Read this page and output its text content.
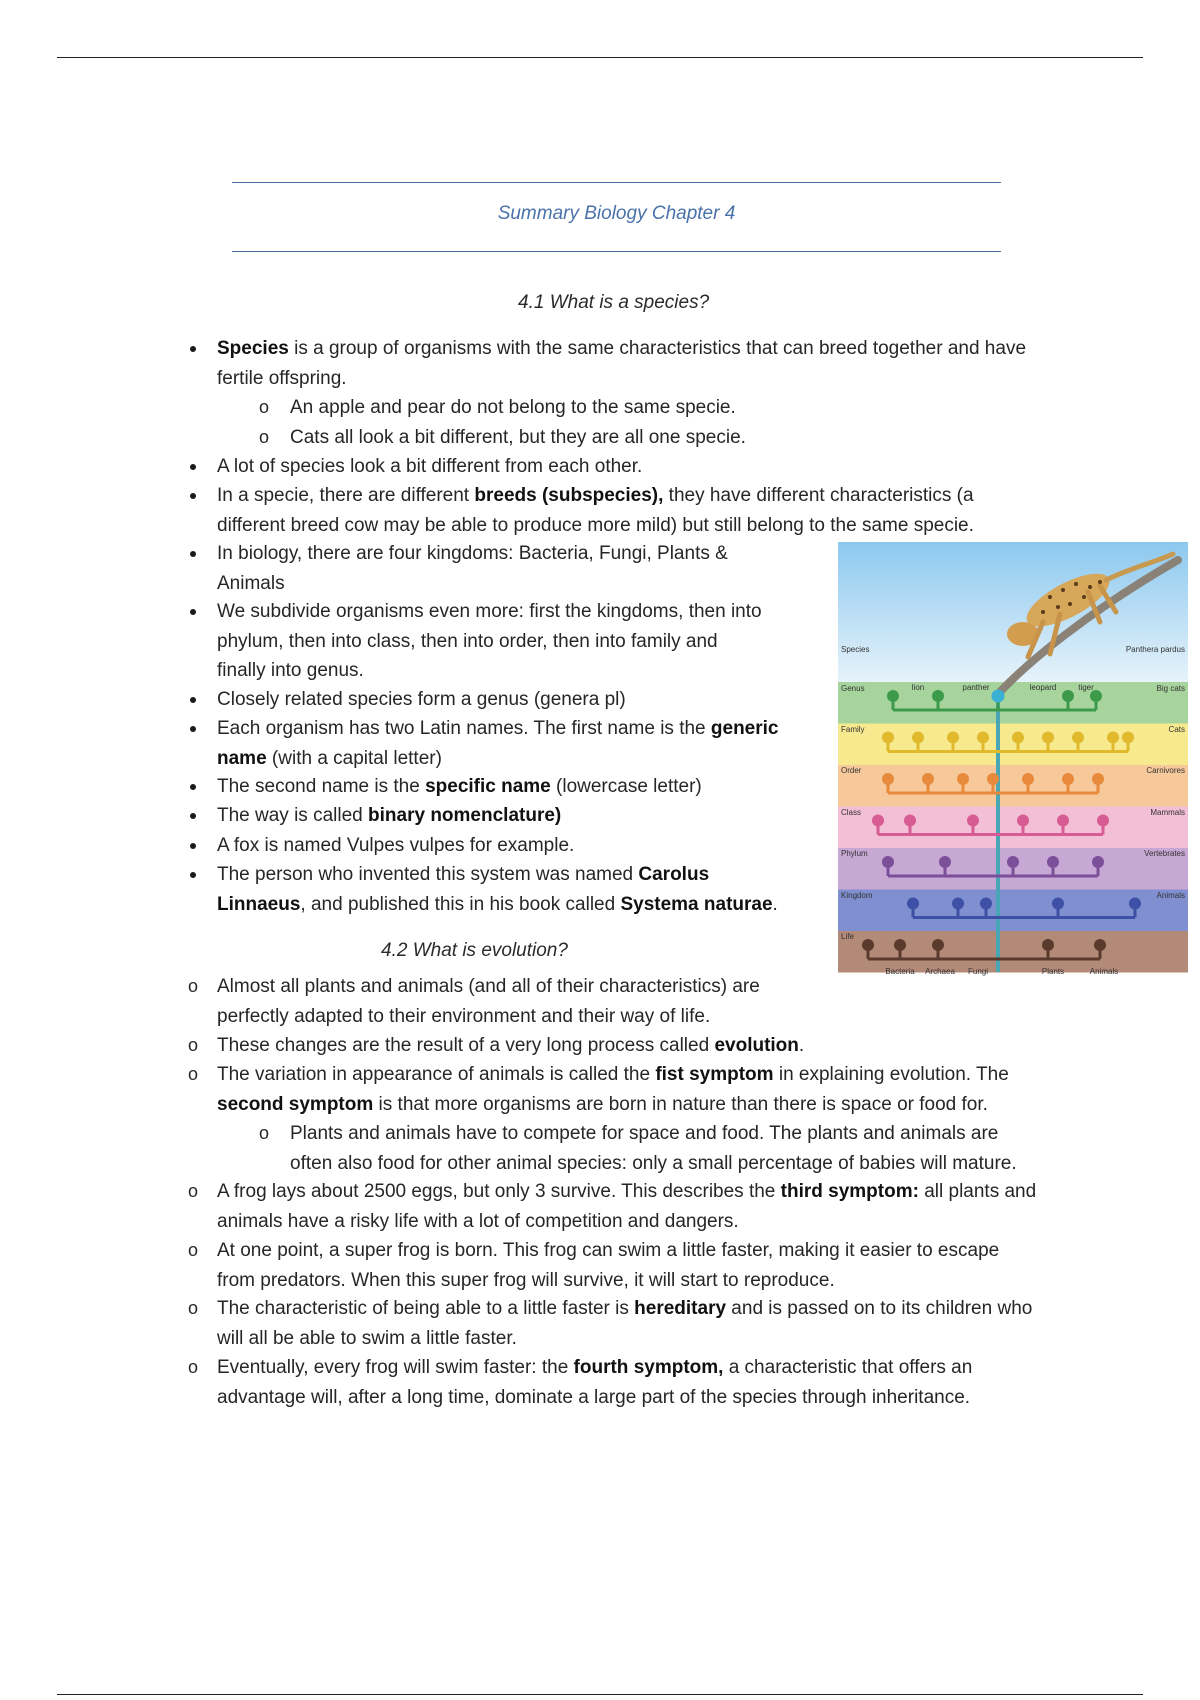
Summary Biology Chapter 4
4.1 What is a species?
Species is a group of organisms with the same characteristics that can breed together and have
fertile offspring.
o An apple and pear do not belong to the same specie.
o Cats all look a bit different, but they are all one specie.
A lot of species look a bit different from each other.
In a specie, there are different breeds (subspecies), they have different characteristics (a
different breed cow may be able to produce more mild) but still belong to the same specie.
In biology, there are four kingdoms: Bacteria, Fungi, Plants &
Animals
We subdivide organisms even more: first the kingdoms, then into
phylum, then into class, then into order, then into family and
finally into genus.
Closely related species form a genus (genera pl)
Each organism has two Latin names. The first name is the generic
name (with a capital letter)
The second name is the specific name (lowercase letter)
The way is called binary nomenclature)
A fox is named Vulpes vulpes for example.
The person who invented this system was named Carolus
Linnaeus, and published this in his book called Systema naturae.
4.2 What is evolution?
o Almost all plants and animals (and all of their characteristics) are
perfectly adapted to their environment and their way of life.
o These changes are the result of a very long process called evolution.
o The variation in appearance of animals is called the fist symptom in explaining evolution. The
second symptom is that more organisms are born in nature than there is space or food for.
o Plants and animals have to compete for space and food. The plants and animals are
often also food for other animal species: only a small percentage of babies will mature.
o A frog lays about 2500 eggs, but only 3 survive. This describes the third symptom: all plants and
animals have a risky life with a lot of competition and dangers.
o At one point, a super frog is born. This frog can swim a little faster, making it easier to escape
from predators. When this super frog will survive, it will start to reproduce.
o The characteristic of being able to a little faster is hereditary and is passed on to its children who
will all be able to swim a little faster.
o Eventually, every frog will swim faster: the fourth symptom, a characteristic that offers an
advantage will, after a long time, dominate a large part of the species through inheritance.
Species
Genus
Family
Order
Class
Phylum
Kingdom
Life
Panthera pardus
Big cats
Cats
Carnivores
Mammals
Vertebrates
Animals
lion	panther	leopard	tiger
Bacteria Archaea Fungi	Plants	Animals
